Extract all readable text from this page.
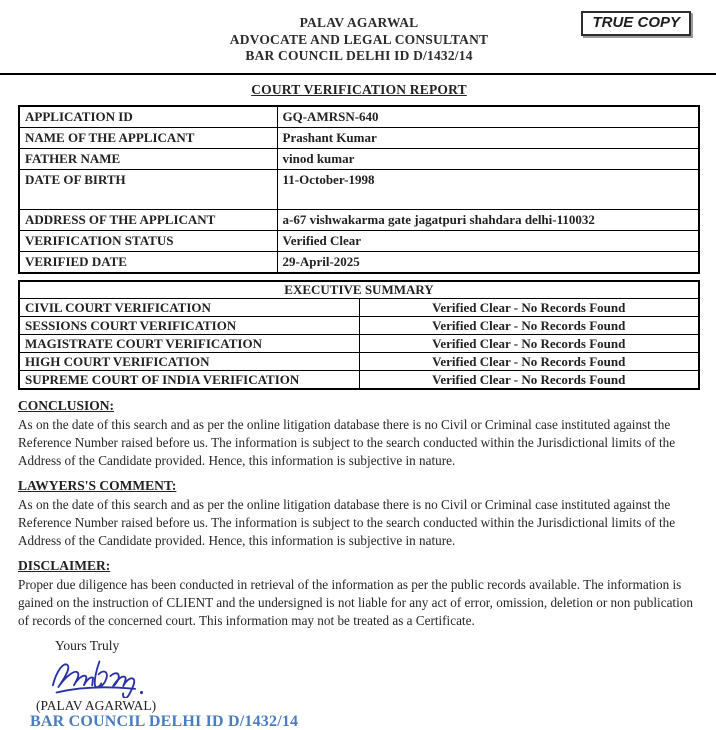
TRUE COPY
PALAV AGARWAL
ADVOCATE AND LEGAL CONSULTANT
BAR COUNCIL DELHI ID D/1432/14
COURT VERIFICATION REPORT
APPLICATION ID	GQ-AMRSN-640
NAME OF THE APPLICANT	Prashant Kumar
FATHER NAME	vinod kumar
DATE OF BIRTH	11-October-1998
ADDRESS OF THE APPLICANT	a-67 vishwakarma gate jagatpuri shahdara delhi-110032
VERIFICATION STATUS	Verified Clear
VERIFIED DATE	29-April-2025
EXECUTIVE SUMMARY	
CIVIL COURT VERIFICATION	Verified Clear - No Records Found
SESSIONS COURT VERIFICATION	Verified Clear - No Records Found
MAGISTRATE COURT VERIFICATION	Verified Clear - No Records Found
HIGH COURT VERIFICATION	Verified Clear - No Records Found
SUPREME COURT OF INDIA VERIFICATION	Verified Clear - No Records Found
CONCLUSION:
As on the date of this search and as per the online litigation database there is no Civil or Criminal case instituted against the Reference Number raised before us. The information is subject to the search conducted within the Jurisdictional limits of the Address of the Candidate provided. Hence, this information is subjective in nature.
LAWYERS'S COMMENT:
As on the date of this search and as per the online litigation database there is no Civil or Criminal case instituted against the Reference Number raised before us. The information is subject to the search conducted within the Jurisdictional limits of the Address of the Candidate provided. Hence, this information is subjective in nature.
DISCLAIMER:
Proper due diligence has been conducted in retrieval of the information as per the public records available. The information is gained on the instruction of CLIENT and the undersigned is not liable for any act of error, omission, deletion or non publication of records of the concerned court. This information may not be treated as a Certificate.
Yours Truly
(PALAV AGARWAL)
BAR COUNCIL DELHI ID D/1432/14
